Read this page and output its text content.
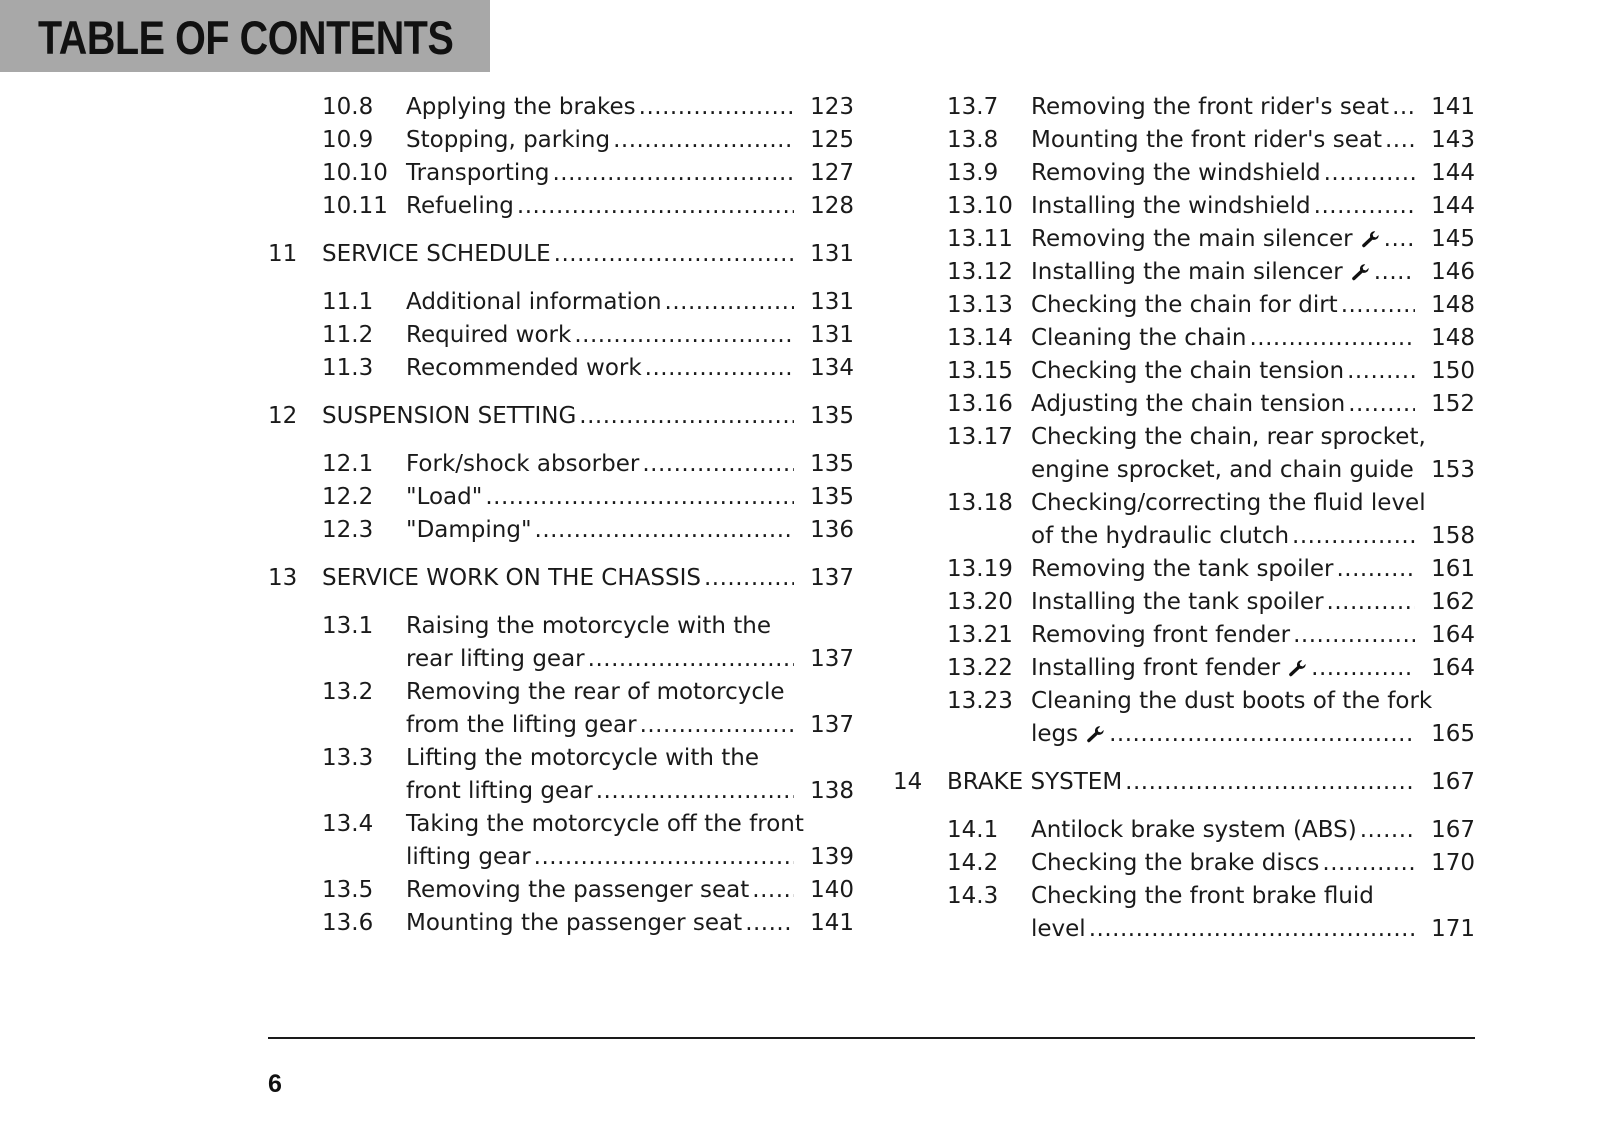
TABLE OF CONTENTS
10.8 Applying the brakes .....	123
10.9 Stopping, parking .....	125
10.10 Transporting .....	127
10.11 Refueling .....	128
11 SERVICE SCHEDULE .....	131
11.1 Additional information .....	131
11.2 Required work .....	131
11.3 Recommended work .....	134
12 SUSPENSION SETTING .....	135
12.1 Fork/shock absorber .....	135
12.2 "Load" .....	135
12.3 "Damping" .....	136
13 SERVICE WORK ON THE CHASSIS .....	137
13.1 Raising the motorcycle with the
rear lifting gear .....	137
13.2 Removing the rear of motorcycle
from the lifting gear .....	137
13.3 Lifting the motorcycle with the
front lifting gear .....	138
13.4 Taking the motorcycle off the front
lifting gear .....	139
13.5 Removing the passenger seat .....	140
13.6 Mounting the passenger seat .....	141
13.7 Removing the front rider's seat ..... 141
13.8 Mounting the front rider's seat ..... 143
13.9 Removing the windshield .....	144
13.10 Installing the windshield .....	144
13.11 Removing the main silencer .....	145
13.12 Installing the main silencer .....	146
13.13 Checking the chain for dirt .....	148
13.14 Cleaning the chain .....	148
13.15 Checking the chain tension .....	150
13.16 Adjusting the chain tension .....	152
13.17 Checking the chain, rear sprocket,
engine sprocket, and chain guide 153
13.18 Checking/correcting the fluid level
of the hydraulic clutch .....	158
13.19 Removing the tank spoiler .....	161
13.20 Installing the tank spoiler .....	162
13.21 Removing front fender .....	164
13.22 Installing front fender .....	164
13.23 Cleaning the dust boots of the fork
legs .....	165
14 BRAKE SYSTEM .....	167
14.1 Antilock brake system (ABS) .....	167
14.2 Checking the brake discs .....	170
14.3 Checking the front brake fluid
level .....	171
6
